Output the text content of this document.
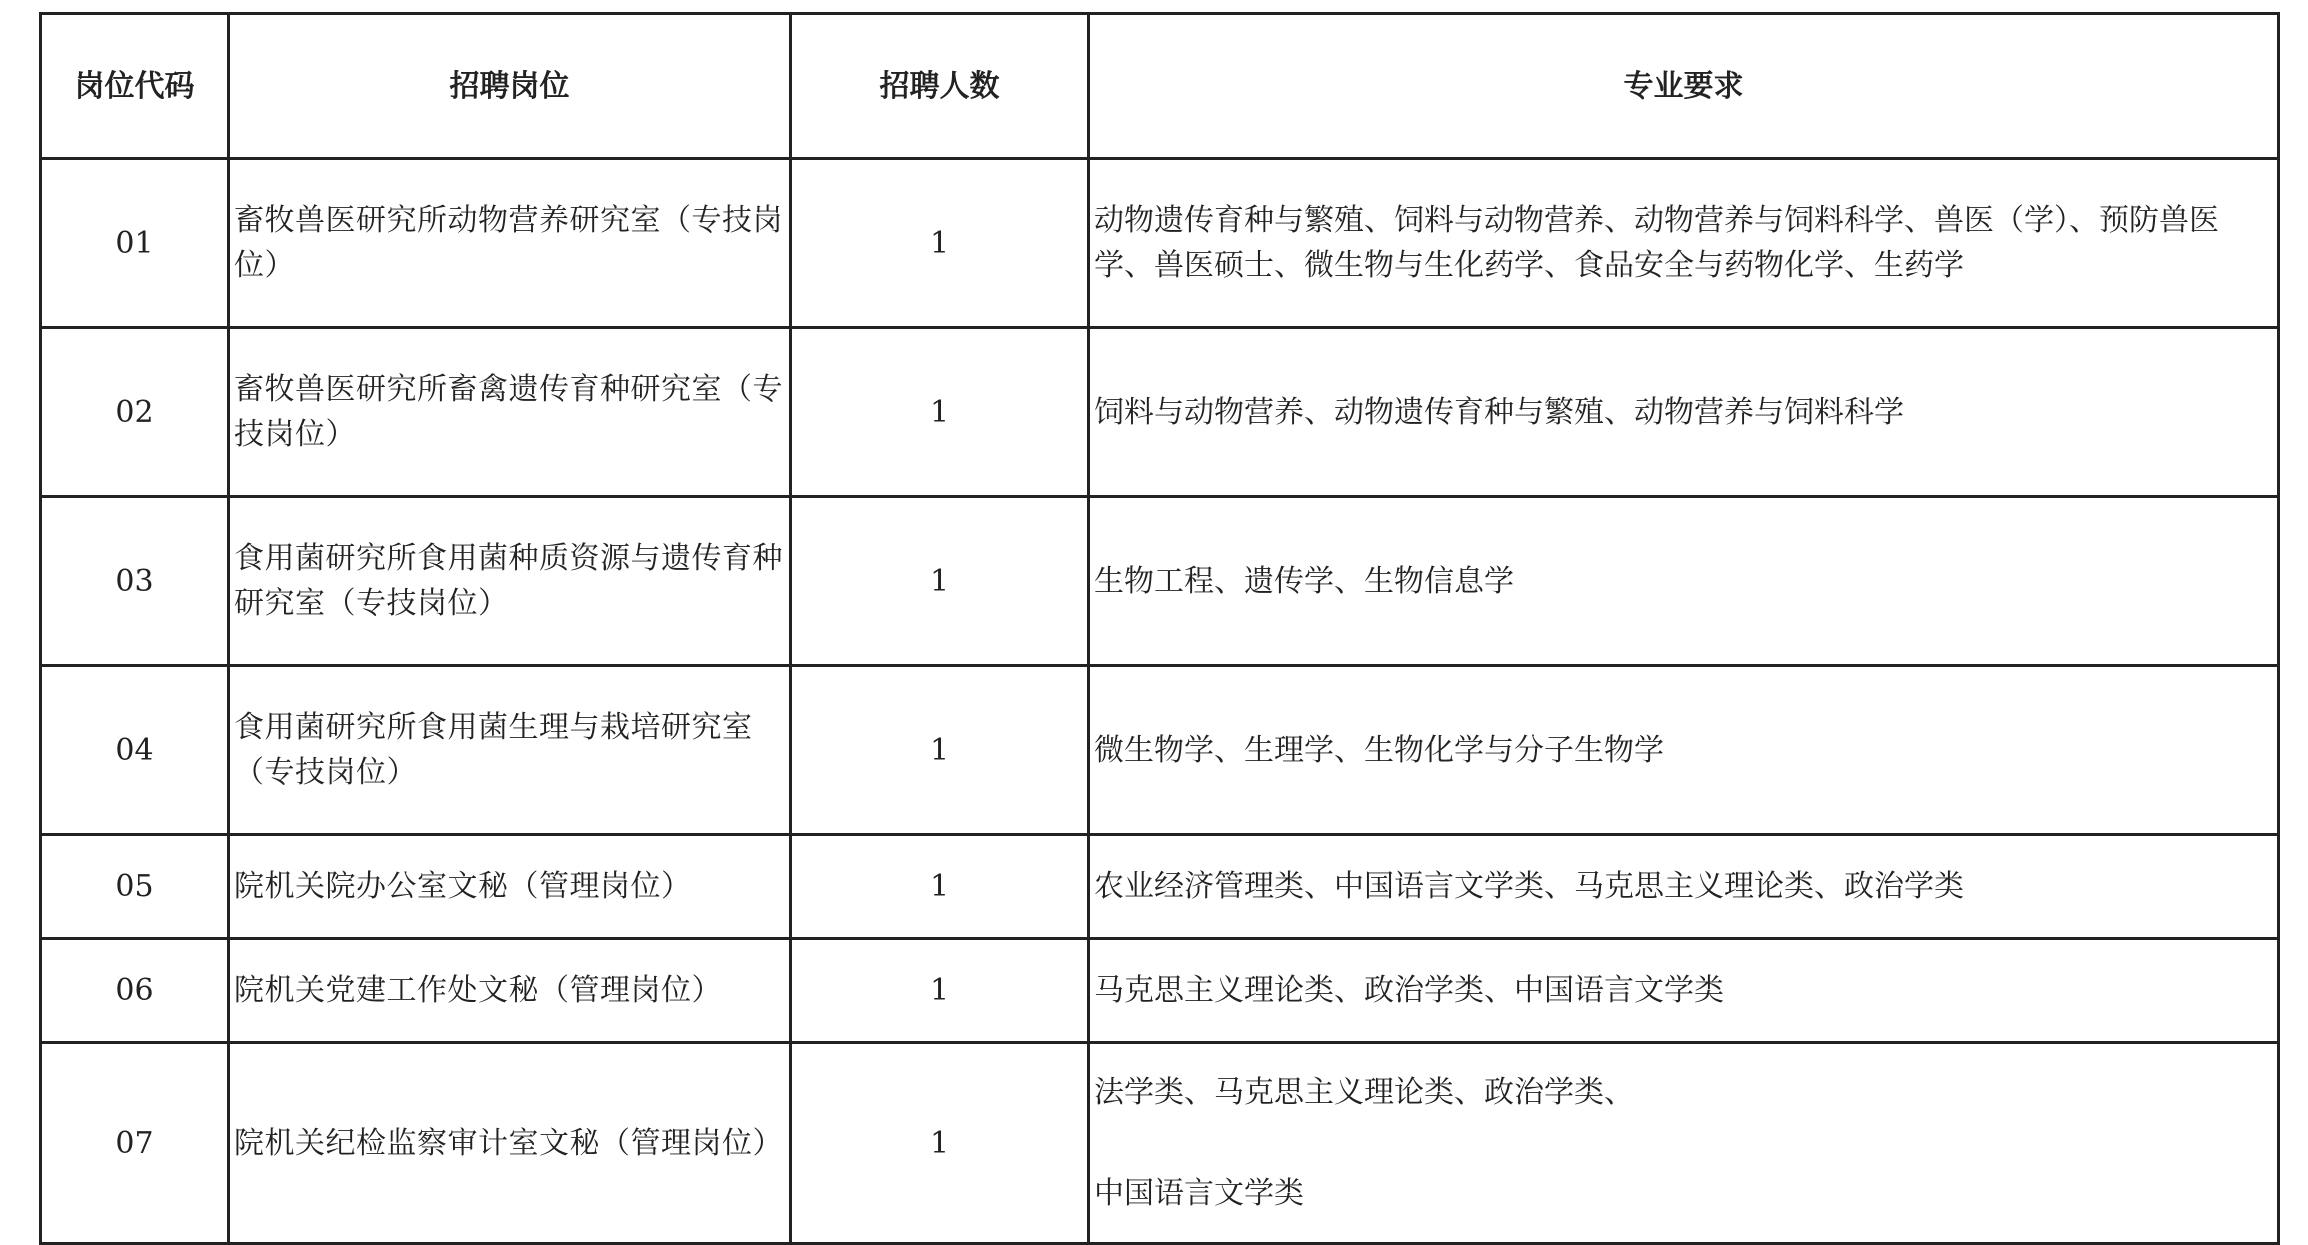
岗位代码	招聘岗位	招聘人数	专业要求
01	畜牧兽医研究所动物营养研究室（专技岗位）	1	动物遗传育种与繁殖、饲料与动物营养、动物营养与饲料科学、兽医（学）、预防兽医学、兽医硕士、微生物与生化药学、食品安全与药物化学、生药学
02	畜牧兽医研究所畜禽遗传育种研究室（专技岗位）	1	饲料与动物营养、动物遗传育种与繁殖、动物营养与饲料科学
03	食用菌研究所食用菌种质资源与遗传育种研究室（专技岗位）	1	生物工程、遗传学、生物信息学
04	食用菌研究所食用菌生理与栽培研究室（专技岗位）	1	微生物学、生理学、生物化学与分子生物学
05	院机关院办公室文秘（管理岗位）	1	农业经济管理类、中国语言文学类、马克思主义理论类、政治学类
06	院机关党建工作处文秘（管理岗位）	1	马克思主义理论类、政治学类、中国语言文学类
07	院机关纪检监察审计室文秘（管理岗位）	1	法学类、马克思主义理论类、政治学类、
中国语言文学类
